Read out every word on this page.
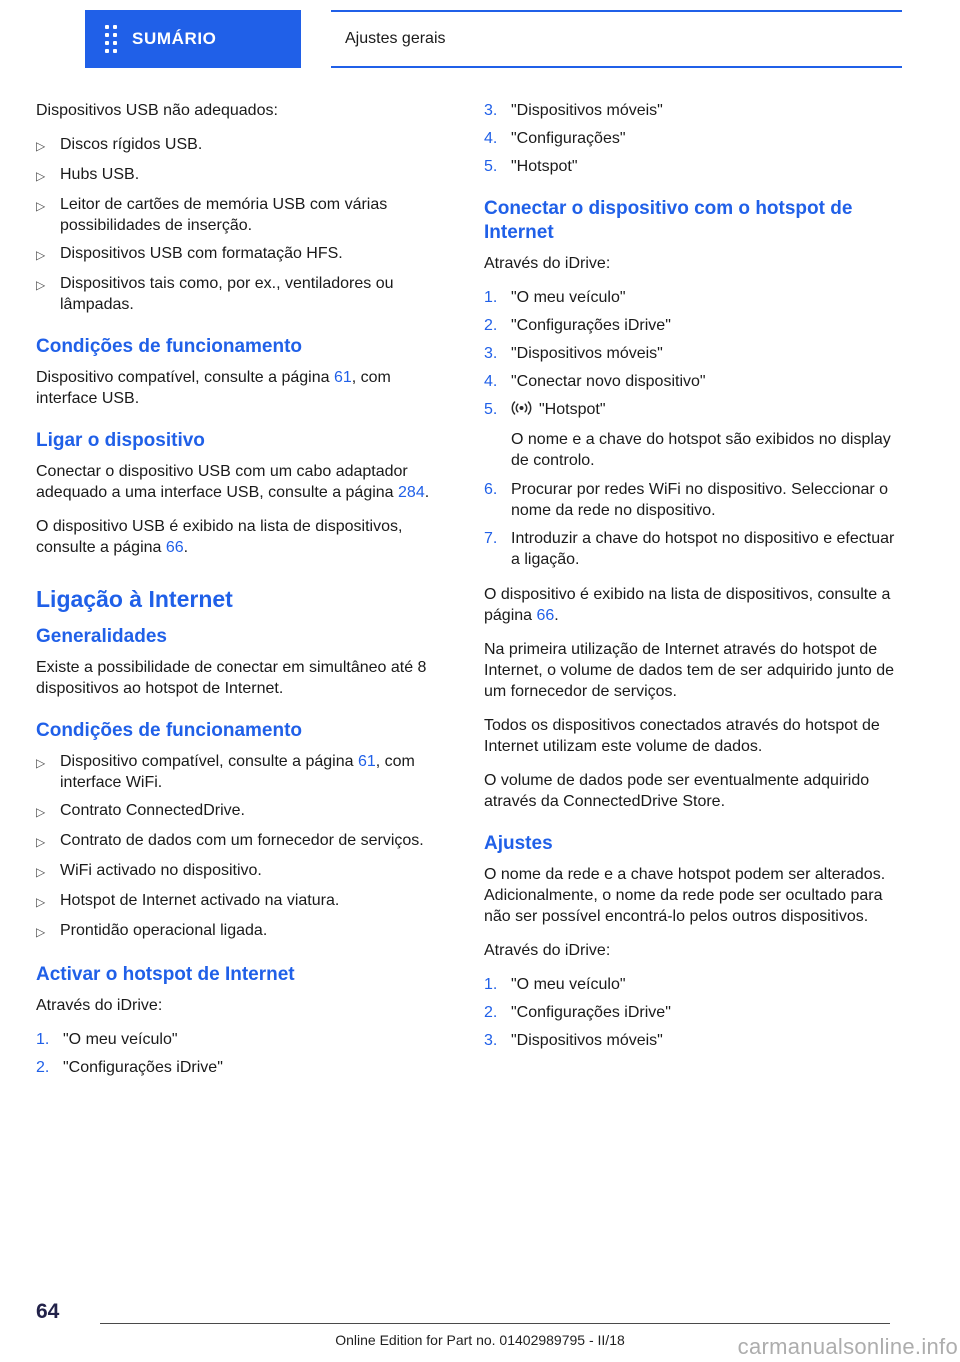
SUMÁRIO	Ajustes gerais

Dispositivos USB não adequados:

▷ Discos rígidos USB.
▷ Hubs USB.
▷ Leitor de cartões de memória USB com várias possibilidades de inserção.
▷ Dispositivos USB com formatação HFS.
▷ Dispositivos tais como, por ex., ventiladores ou lâmpadas.
Condições de funcionamento

Dispositivo compatível, consulte a página 61, com interface USB.

Ligar o dispositivo

Conectar o dispositivo USB com um cabo adaptador adequado a uma interface USB, consulte a página 284.

O dispositivo USB é exibido na lista de dispositivos, consulte a página 66.

Ligação à Internet
Generalidades

Existe a possibilidade de conectar em simultâneo até 8 dispositivos ao hotspot de Internet.

Condições de funcionamento
▷ Dispositivo compatível, consulte a página 61, com interface WiFi.
▷ Contrato ConnectedDrive.
▷ Contrato de dados com um fornecedor de serviços.
▷ WiFi activado no dispositivo.
▷ Hotspot de Internet activado na viatura.
▷ Prontidão operacional ligada.
Activar o hotspot de Internet

Através do iDrive:

1. "O meu veículo"
2. "Configurações iDrive"
3. "Dispositivos móveis"
4. "Configurações"
5. "Hotspot"
Conectar o dispositivo com o hotspot de Internet

Através do iDrive:

1. "O meu veículo"
2. "Configurações iDrive"
3. "Dispositivos móveis"
4. "Conectar novo dispositivo"
5.	"Hotspot"
O nome e a chave do hotspot são exibidos no display de controlo.
6. Procurar por redes WiFi no dispositivo. Seleccionar o nome da rede no dispositivo.
7. Introduzir a chave do hotspot no dispositivo e efectuar a ligação.

O dispositivo é exibido na lista de dispositivos, consulte a página 66.

Na primeira utilização de Internet através do hotspot de Internet, o volume de dados tem de ser adquirido junto de um fornecedor de serviços.

Todos os dispositivos conectados através do hotspot de Internet utilizam este volume de dados.

O volume de dados pode ser eventualmente adquirido através da ConnectedDrive Store.

Ajustes

O nome da rede e a chave hotspot podem ser alterados. Adicionalmente, o nome da rede pode ser ocultado para não ser possível encontrá-lo pelos outros dispositivos.

Através do iDrive:

1. "O meu veículo"
2. "Configurações iDrive"
3. "Dispositivos móveis"
64
Online Edition for Part no. 01402989795 - II/18	carmanualsonline.info
